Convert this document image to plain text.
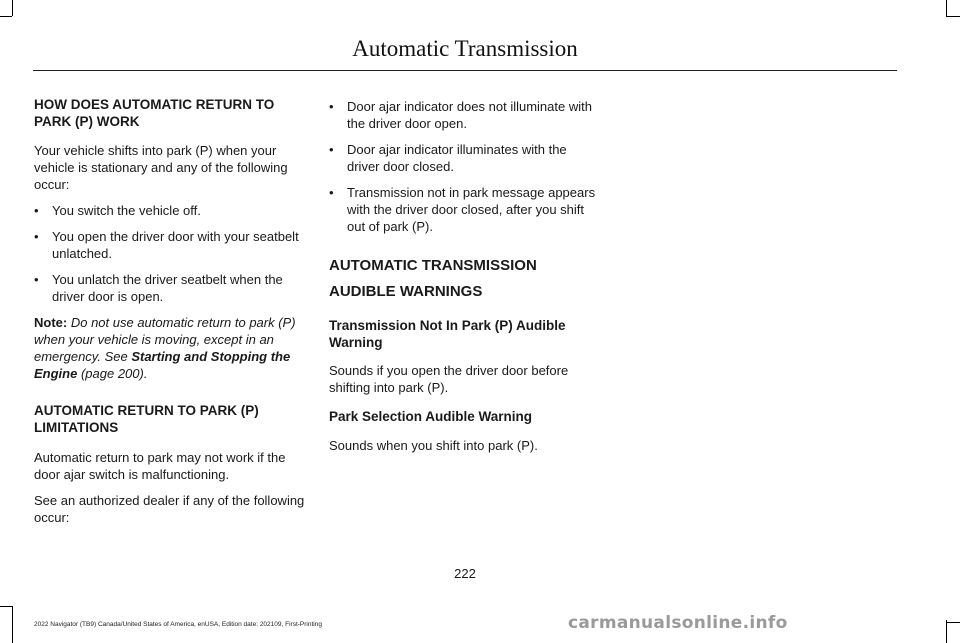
Automatic Transmission
HOW DOES AUTOMATIC RETURN TO PARK (P) WORK

Your vehicle shifts into park (P) when your vehicle is stationary and any of the following occur:

• You switch the vehicle off.
• You open the driver door with your seatbelt unlatched.
• You unlatch the driver seatbelt when the driver door is open.

Note: Do not use automatic return to park (P) when your vehicle is moving, except in an emergency. See Starting and Stopping the Engine (page 200).

AUTOMATIC RETURN TO PARK (P) LIMITATIONS

Automatic return to park may not work if the door ajar switch is malfunctioning.

See an authorized dealer if any of the following occur:

• Door ajar indicator does not illuminate with the driver door open.
• Door ajar indicator illuminates with the driver door closed.
• Transmission not in park message appears with the driver door closed, after you shift out of park (P).
AUTOMATIC TRANSMISSION
AUDIBLE WARNINGS
Transmission Not In Park (P) Audible Warning

Sounds if you open the driver door before shifting into park (P).

Park Selection Audible Warning

Sounds when you shift into park (P).

222
2022 Navigator (TB9) Canada/United States of America, enUSA, Edition date: 202109, First-Printing	carmanualsonline.info
